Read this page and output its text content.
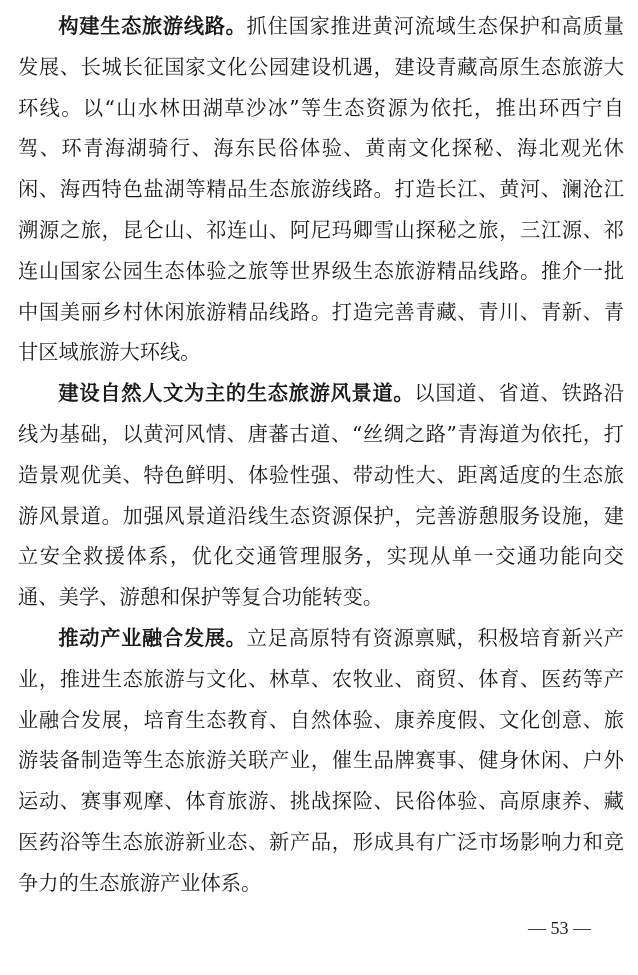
构建生态旅游线路。抓住国家推进黄河流域生态保护和高质量发展、长城长征国家文化公园建设机遇，建设青藏高原生态旅游大环线。以“山水林田湖草沙冰”等生态资源为依托，推出环西宁自驾、环青海湖骑行、海东民俗体验、黄南文化探秘、海北观光休闲、海西特色盐湖等精品生态旅游线路。打造长江、黄河、澜沧江溯源之旅，昆仑山、祁连山、阿尼玛卿雪山探秘之旅，三江源、祁连山国家公园生态体验之旅等世界级生态旅游精品线路。推介一批中国美丽乡村休闲旅游精品线路。打造完善青藏、青川、青新、青甘区域旅游大环线。

建设自然人文为主的生态旅游风景道。以国道、省道、铁路沿线为基础，以黄河风情、唐蕃古道、“丝绸之路”青海道为依托，打造景观优美、特色鲜明、体验性强、带动性大、距离适度的生态旅游风景道。加强风景道沿线生态资源保护，完善游憩服务设施，建立安全救援体系，优化交通管理服务，实现从单一交通功能向交通、美学、游憩和保护等复合功能转变。

推动产业融合发展。立足高原特有资源禀赋，积极培育新兴产业，推进生态旅游与文化、林草、农牧业、商贸、体育、医药等产业融合发展，培育生态教育、自然体验、康养度假、文化创意、旅游装备制造等生态旅游关联产业，催生品牌赛事、健身休闲、户外运动、赛事观摩、体育旅游、挑战探险、民俗体验、高原康养、藏医药浴等生态旅游新业态、新产品，形成具有广泛市场影响力和竞争力的生态旅游产业体系。

— 53 —
